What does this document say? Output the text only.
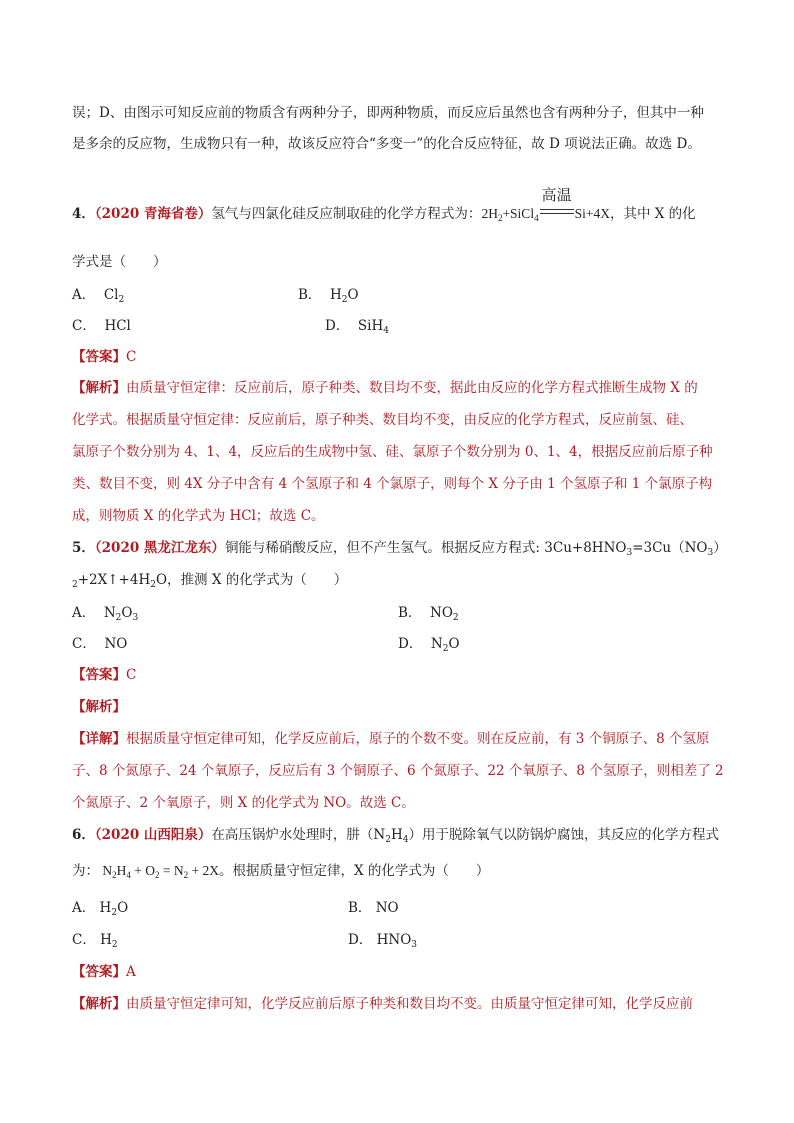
误；D、由图示可知反应前的物质含有两种分子，即两种物质，而反应后虽然也含有两种分子，但其中一种
是多余的反应物，生成物只有一种，故该反应符合“多变一”的化合反应特征，故 D 项说法正确。故选 D。
4．（2020 青海省卷）氢气与四氯化硅反应制取硅的化学方程式为：$2H_2+SiCl_4$
高温
Si+4X，其中 X 的化
学式是（　　）
A． $Cl_2$	B． $H_2O$
C． HCl	D． SiH$_4$
【答案】C
【解析】由质量守恒定律：反应前后，原子种类、数目均不变，据此由反应的化学方程式推断生成物 X 的
化学式。根据质量守恒定律：反应前后，原子种类、数目均不变，由反应的化学方程式，反应前氢、硅、
氯原子个数分别为 4、1、4，反应后的生成物中氢、硅、氯原子个数分别为 0、1、4，根据反应前后原子种
类、数目不变，则 4X 分子中含有 4 个氢原子和 4 个氯原子，则每个 X 分子由 1 个氢原子和 1 个氯原子构
成，则物质 X 的化学式为 HCl；故选 C。
5．（2020 黑龙江龙东）铜能与稀硝酸反应，但不产生氢气。根据反应方程式: $3Cu+8HNO_3=3Cu(NO_3)$
$_2+2X↑+4H_2O$，推测 X 的化学式为（　　）
A． $N_2O_3$	B． $NO_2$
C． NO	D． $N_2O$
【答案】C
【解析】
【详解】根据质量守恒定律可知，化学反应前后，原子的个数不变。则在反应前，有 3 个铜原子、8 个氢原
子、8 个氮原子、24 个氧原子，反应后有 3 个铜原子、6 个氮原子、22 个氧原子、8 个氢原子，则相差了 2
个氮原子、2 个氧原子，则 X 的化学式为 NO。故选 C。
6．（2020 山西阳泉）在高压锅炉水处理时，肼$(N_2H_4)$用于脱除氧气以防锅炉腐蚀，其反应的化学方程式
为： $N_2H_4 + O_2 = N_2 + 2X$。根据质量守恒定律，X 的化学式为（　　）
A． $H_2O$	B． NO
C． $H_2$	D． $HNO_3$
【答案】A
【解析】由质量守恒定律可知，化学反应前后原子种类和数目均不变。由质量守恒定律可知，化学反应前
